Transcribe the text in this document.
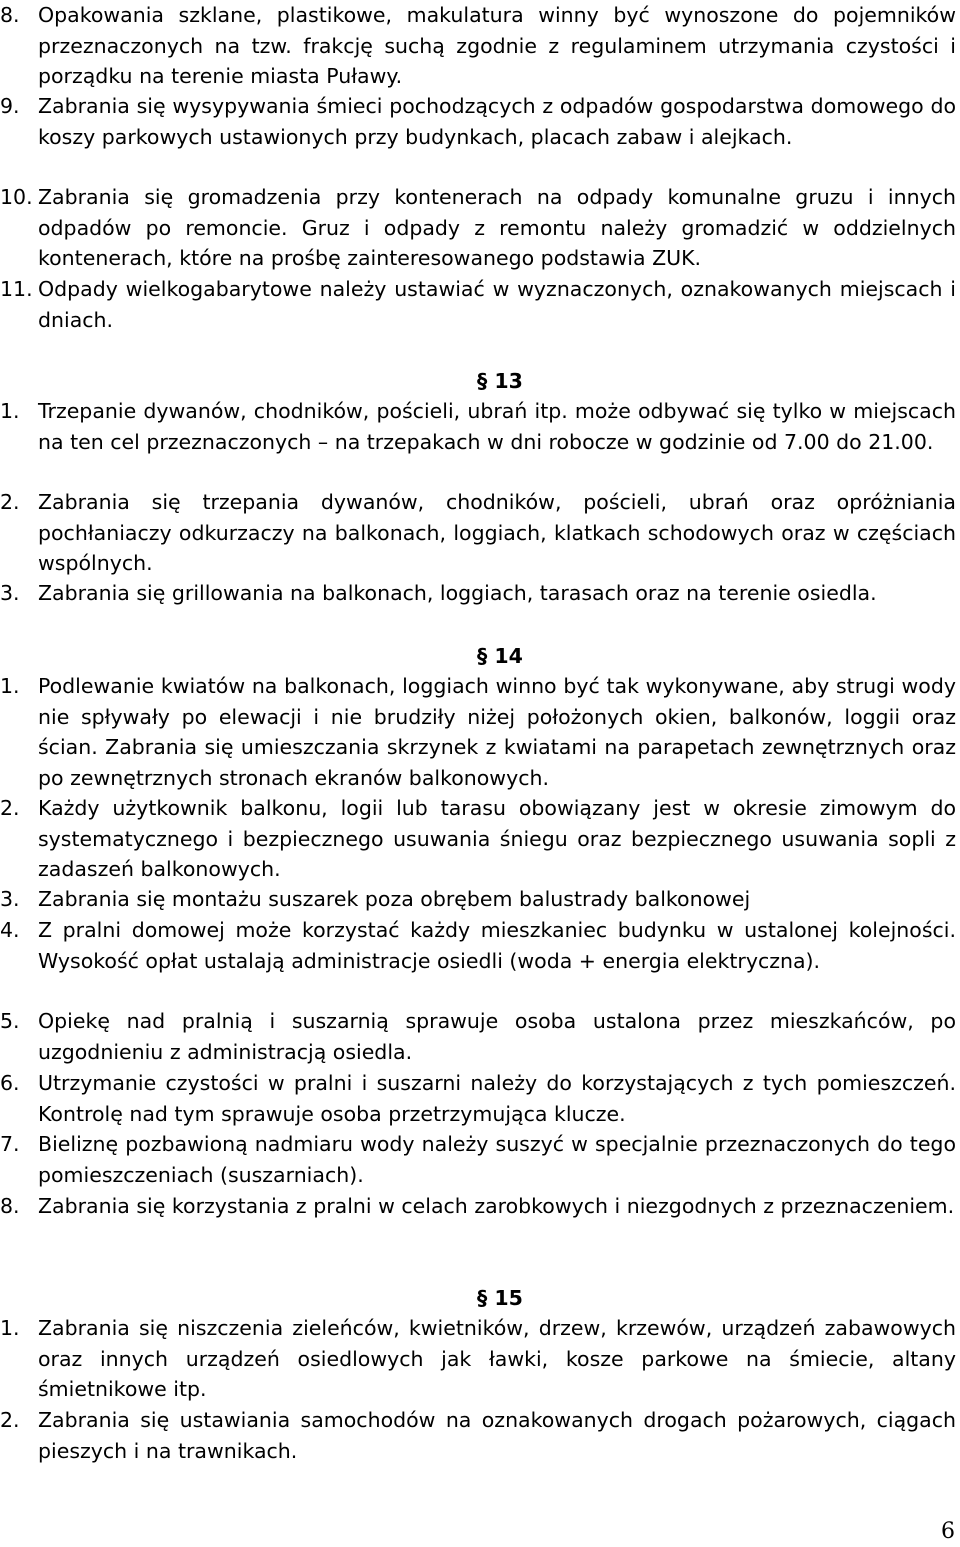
8. Opakowania szklane, plastikowe, makulatura winny być wynoszone do pojemników przeznaczonych na tzw. frakcję suchą zgodnie z regulaminem utrzymania czystości i porządku na terenie miasta Puławy.
9. Zabrania się wysypywania śmieci pochodzących z odpadów gospodarstwa domowego do koszy parkowych ustawionych przy budynkach, placach zabaw i alejkach.
10. Zabrania się gromadzenia przy kontenerach na odpady komunalne gruzu i innych odpadów po remoncie. Gruz i odpady z remontu należy gromadzić w oddzielnych kontenerach, które na prośbę zainteresowanego podstawia ZUK.
11. Odpady wielkogabarytowe należy ustawiać w wyznaczonych, oznakowanych miejscach i dniach.
§ 13
1. Trzepanie dywanów, chodników, pościeli, ubrań itp. może odbywać się tylko w miejscach na ten cel przeznaczonych – na trzepakach w dni robocze w godzinie od 7.00 do 21.00.
2. Zabrania się trzepania dywanów, chodników, pościeli, ubrań oraz opróżniania pochłaniaczy odkurzaczy na balkonach, loggiach, klatkach schodowych oraz w częściach wspólnych.
3. Zabrania się grillowania na balkonach, loggiach, tarasach oraz na terenie osiedla.
§ 14
1. Podlewanie kwiatów na balkonach, loggiach winno być tak wykonywane, aby strugi wody nie spływały po elewacji i nie brudziły niżej położonych okien, balkonów, loggii oraz ścian. Zabrania się umieszczania skrzynek z kwiatami na parapetach zewnętrznych oraz po zewnętrznych stronach ekranów balkonowych.
2. Każdy użytkownik balkonu, logii lub tarasu obowiązany jest w okresie zimowym do systematycznego i bezpiecznego usuwania śniegu oraz bezpiecznego usuwania sopli z zadaszeń balkonowych.
3. Zabrania się montażu suszarek poza obrębem balustrady balkonowej
4. Z pralni domowej może korzystać każdy mieszkaniec budynku w ustalonej kolejności. Wysokość opłat ustalają administracje osiedli (woda + energia elektryczna).
5. Opiekę nad pralnią i suszarnią sprawuje osoba ustalona przez mieszkańców, po uzgodnieniu z administracją osiedla.
6. Utrzymanie czystości w pralni i suszarni należy do korzystających z tych pomieszczeń. Kontrolę nad tym sprawuje osoba przetrzymująca klucze.
7. Bieliznę pozbawioną nadmiaru wody należy suszyć w specjalnie przeznaczonych do tego pomieszczeniach (suszarniach).
8. Zabrania się korzystania z pralni w celach zarobkowych i niezgodnych z przeznaczeniem.
§ 15
1. Zabrania się niszczenia zieleńców, kwietników, drzew, krzewów, urządzeń zabawowych oraz innych urządzeń osiedlowych jak ławki, kosze parkowe na śmiecie, altany śmietnikowe itp.
2. Zabrania się ustawiania samochodów na oznakowanych drogach pożarowych, ciągach pieszych i na trawnikach.
6
